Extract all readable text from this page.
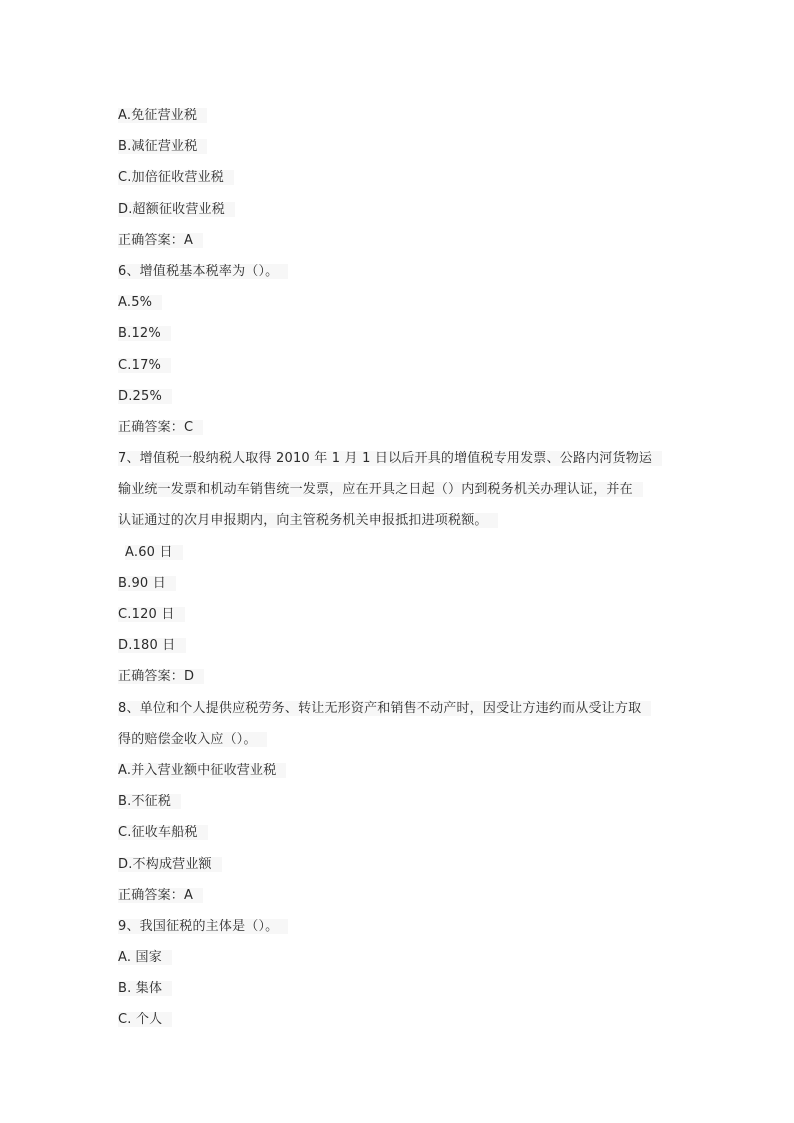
A.免征营业税
B.减征营业税
C.加倍征收营业税
D.超额征收营业税
正确答案：A
6、增值税基本税率为（）。
A.5%
B.12%
C.17%
D.25%
正确答案：C
7、增值税一般纳税人取得 2010 年 1 月 1 日以后开具的增值税专用发票、公路内河货物运
输业统一发票和机动车销售统一发票，应在开具之日起（）内到税务机关办理认证，并在
认证通过的次月申报期内，向主管税务机关申报抵扣进项税额。
A.60 日
B.90 日
C.120 日
D.180 日
正确答案：D
8、单位和个人提供应税劳务、转让无形资产和销售不动产时，因受让方违约而从受让方取
得的赔偿金收入应（）。
A.并入营业额中征收营业税
B.不征税
C.征收车船税
D.不构成营业额
正确答案：A
9、我国征税的主体是（）。
A. 国家
B. 集体
C. 个人
